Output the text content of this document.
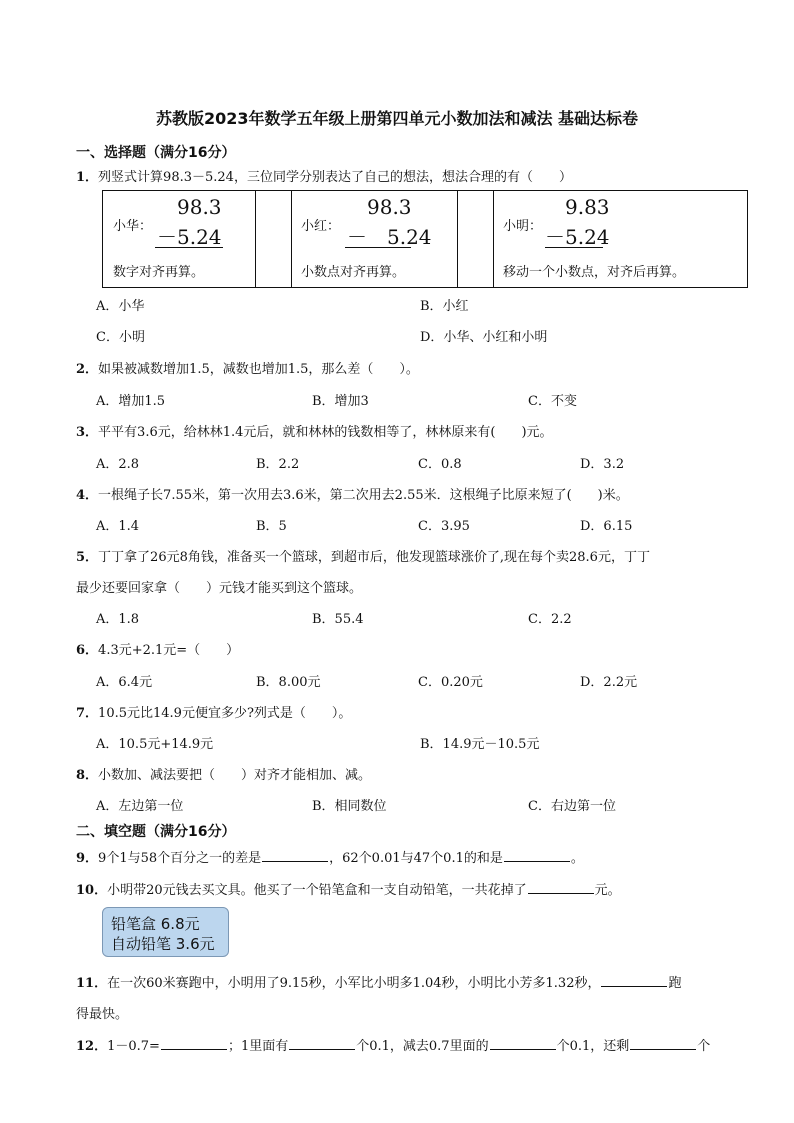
苏教版2023年数学五年级上册第四单元小数加法和减法 基础达标卷
一、选择题（满分16分）
1．列竖式计算98.3－5.24，三位同学分别表达了自己的想法，想法合理的有（　　）
小华：
98.3
－5.24
数字对齐再算。
小红：
98.3
－　5.24
小数点对齐再算。
小明：
9.83
－5.24
移动一个小数点，对齐后再算。
A．小华	B．小红
C．小明	D．小华、小红和小明
2．如果被减数增加1.5，减数也增加1.5，那么差（　　）。
A．增加1.5	B．增加3	C．不变
3．平平有3.6元，给林林1.4元后，就和林林的钱数相等了，林林原来有(　　)元。
A．2.8	B．2.2	C．0.8	D．3.2
4．一根绳子长7.55米，第一次用去3.6米，第二次用去2.55米．这根绳子比原来短了(　　)米。
A．1.4	B．5	C．3.95	D．6.15
5．丁丁拿了26元8角钱，准备买一个篮球，到超市后，他发现篮球涨价了,现在每个卖28.6元，丁丁
最少还要回家拿（　　）元钱才能买到这个篮球。
A．1.8	B．55.4	C．2.2
6．4.3元+2.1元=（　　）
A．6.4元	B．8.00元	C．0.20元	D．2.2元
7．10.5元比14.9元便宜多少?列式是（　　）。
A．10.5元+14.9元	B．14.9元－10.5元
8．小数加、减法要把（　　）对齐才能相加、减。
A．左边第一位	B．相同数位	C．右边第一位
二、填空题（满分16分）
9．9个1与58个百分之一的差是	，62个0.01与47个0.1的和是	。
10．小明带20元钱去买文具。他买了一个铅笔盒和一支自动铅笔，一共花掉了	元。
铅笔盒 6.8元
自动铅笔 3.6元
11．在一次60米赛跑中，小明用了9.15秒，小军比小明多1.04秒，小明比小芳多1.32秒，	跑
得最快。
12．1－0.7=	；1里面有	个0.1，减去0.7里面的	个0.1，还剩	个
